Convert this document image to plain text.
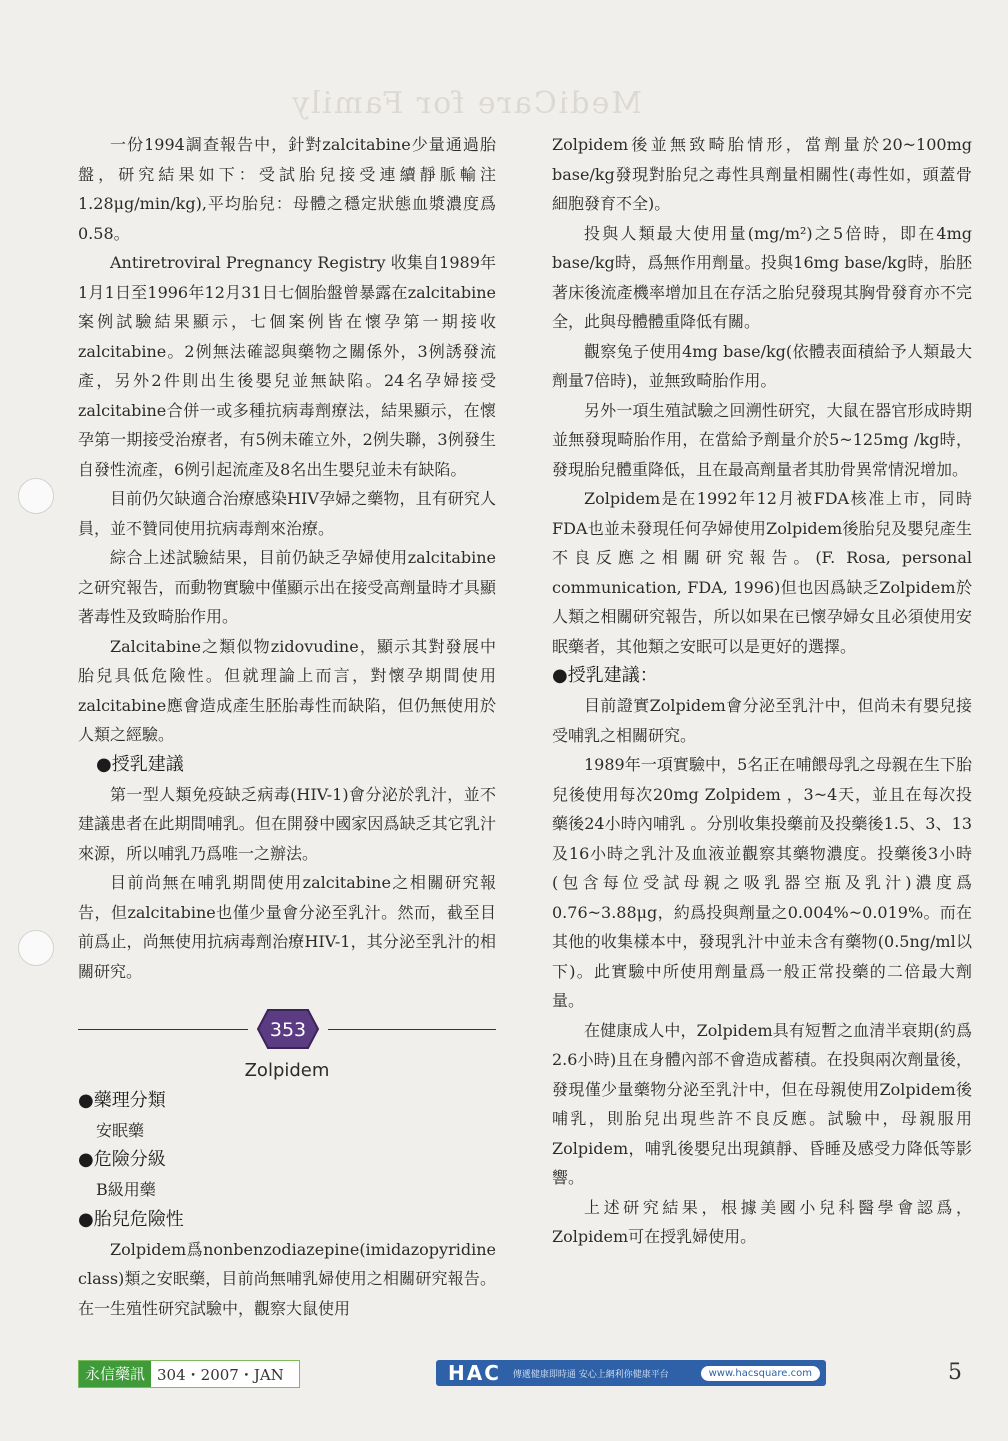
MediCare for Family

一份1994調查報告中，針對zalcitabine少量通過胎盤，研究結果如下：受試胎兒接受連續靜脈輸注1.28μg/min/kg),平均胎兒：母體之穩定狀態血漿濃度爲0.58。

Antiretroviral Pregnancy Registry 收集自1989年1月1日至1996年12月31日七個胎盤曾暴露在zalcitabine案例試驗結果顯示，七個案例皆在懷孕第一期接收zalcitabine。2例無法確認與藥物之關係外，3例誘發流產，另外2件則出生後嬰兒並無缺陷。24名孕婦接受zalcitabine合併一或多種抗病毒劑療法，結果顯示，在懷孕第一期接受治療者，有5例未確立外，2例失聯，3例發生自發性流產，6例引起流產及8名出生嬰兒並未有缺陷。

目前仍欠缺適合治療感染HIV孕婦之藥物，且有研究人員，並不贊同使用抗病毒劑來治療。

綜合上述試驗結果，目前仍缺乏孕婦使用zalcitabine之研究報告，而動物實驗中僅顯示出在接受高劑量時才具顯著毒性及致畸胎作用。

Zalcitabine之類似物zidovudine，顯示其對發展中胎兒具低危險性。但就理論上而言，對懷孕期間使用zalcitabine應會造成產生胚胎毒性而缺陷，但仍無使用於人類之經驗。

●授乳建議

第一型人類免疫缺乏病毒(HIV-1)會分泌於乳汁，並不建議患者在此期間哺乳。但在開發中國家因爲缺乏其它乳汁來源，所以哺乳乃爲唯一之辦法。

目前尚無在哺乳期間使用zalcitabine之相關研究報告，但zalcitabine也僅少量會分泌至乳汁。然而，截至目前爲止，尚無使用抗病毒劑治療HIV-1，其分泌至乳汁的相關研究。

353

Zolpidem

●藥理分類

安眠藥

●危險分級

B級用藥

●胎兒危險性

Zolpidem爲nonbenzodiazepine(imidazopyridine class)類之安眠藥，目前尚無哺乳婦使用之相關研究報告。在一生殖性研究試驗中，觀察大鼠使用

Zolpidem後並無致畸胎情形，當劑量於20~100mg base/kg發現對胎兒之毒性具劑量相關性(毒性如，頭蓋骨細胞發育不全)。

投與人類最大使用量(mg/m²)之5倍時，即在4mg base/kg時，爲無作用劑量。投與16mg base/kg時，胎胚著床後流產機率增加且在存活之胎兒發現其胸骨發育亦不完全，此與母體體重降低有關。

觀察兔子使用4mg base/kg(依體表面積給予人類最大劑量7倍時)，並無致畸胎作用。

另外一項生殖試驗之回溯性研究，大鼠在器官形成時期並無發現畸胎作用，在當給予劑量介於5~125mg /kg時，發現胎兒體重降低，且在最高劑量者其肋骨異常情況增加。

Zolpidem是在1992年12月被FDA核准上市，同時FDA也並未發現任何孕婦使用Zolpidem後胎兒及嬰兒產生不良反應之相關研究報告。(F. Rosa, personal communication, FDA, 1996)但也因爲缺乏Zolpidem於人類之相關研究報告，所以如果在已懷孕婦女且必須使用安眠藥者，其他類之安眠可以是更好的選擇。

●授乳建議：

目前證實Zolpidem會分泌至乳汁中，但尚未有嬰兒接受哺乳之相關研究。

1989年一項實驗中，5名正在哺餵母乳之母親在生下胎兒後使用每次20mg Zolpidem ，3~4天，並且在每次投藥後24小時內哺乳 。分別收集投藥前及投藥後1.5、3、13及16小時之乳汁及血液並觀察其藥物濃度。投藥後3小時(包含每位受試母親之吸乳器空瓶及乳汁)濃度爲0.76~3.88μg，約爲投與劑量之0.004%~0.019%。而在其他的收集樣本中，發現乳汁中並未含有藥物(0.5ng/ml以下)。此實驗中所使用劑量爲一般正常投藥的二倍最大劑量。

在健康成人中，Zolpidem具有短暫之血清半衰期(約爲2.6小時)且在身體內部不會造成蓄積。在投與兩次劑量後，發現僅少量藥物分泌至乳汁中，但在母親使用Zolpidem後哺乳，則胎兒出現些許不良反應。試驗中，母親服用Zolpidem，哺乳後嬰兒出現鎮靜、昏睡及感受力降低等影響。

上述研究結果，根據美國小兒科醫學會認爲，Zolpidem可在授乳婦使用。

永信藥訊 304・2007・JAN	HAC	傳遞健康即時通 安心上網利你健康平台	www.hacsquare.com	5
